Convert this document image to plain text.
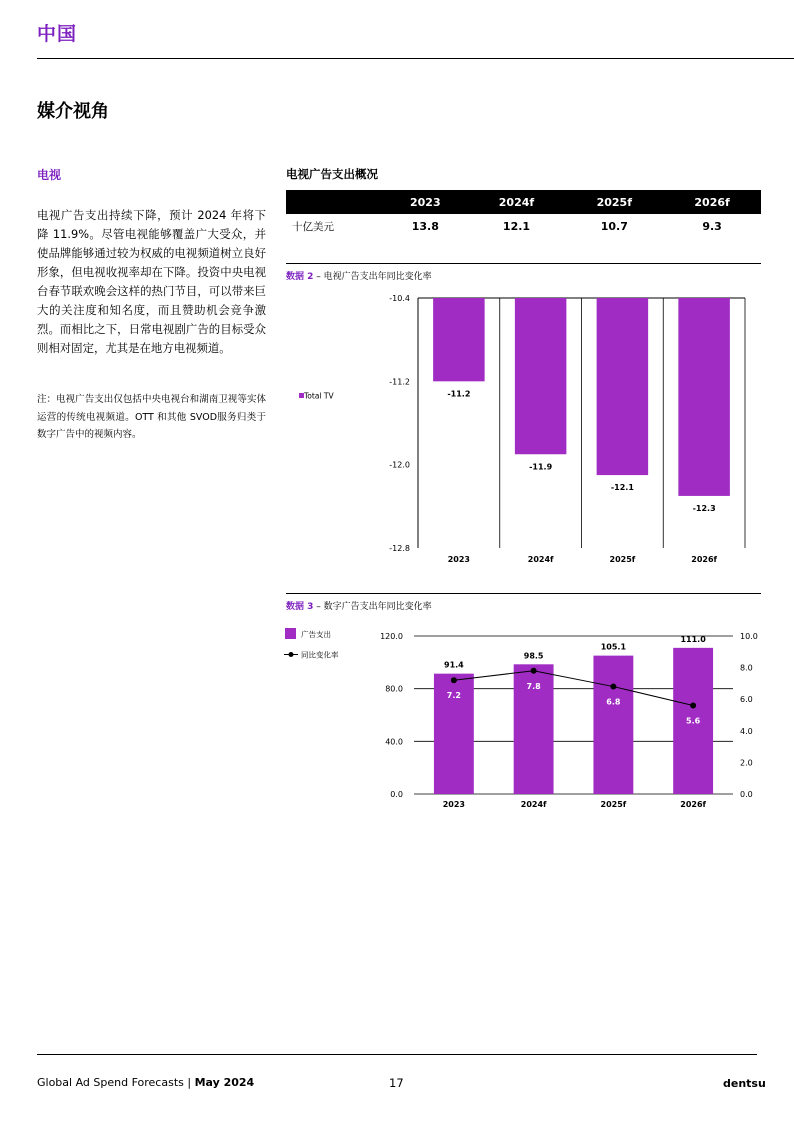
中国
媒介视角
电视

电视广告支出持续下降，预计 2024 年将下降 11.9%。尽管电视能够覆盖广大受众，并使品牌能够通过较为权威的电视频道树立良好形象，但电视收视率却在下降。投资中央电视台春节联欢晚会这样的热门节目，可以带来巨大的关注度和知名度，而且赞助机会竞争激烈。而相比之下，日常电视剧广告的目标受众则相对固定，尤其是在地方电视频道。

注：电视广告支出仅包括中央电视台和湖南卫视等实体运营的传统电视频道。OTT 和其他 SVOD服务归类于数字广告中的视频内容。

电视广告支出概况
	2023	2024f	2025f	2026f
十亿美元	13.8	12.1	10.7	9.3
数据 2 – 电视广告支出年同比变化率
数据 3 – 数字广告支出年同比变化率
-10.4
-11.2
-12.0
-12.8
-11.2
2023
-11.9
2024f
-12.1
2025f
-12.3
2026f
Total TV
0.0
40.0
80.0
120.0
0.0
2.0
4.0
6.0
8.0
10.0
91.4
2023
98.5
2024f
105.1
2025f
111.0
2026f
7.2
7.8
6.8
5.6
广告支出
同比变化率
Global Ad Spend Forecasts | May 2024	17	dentsu
